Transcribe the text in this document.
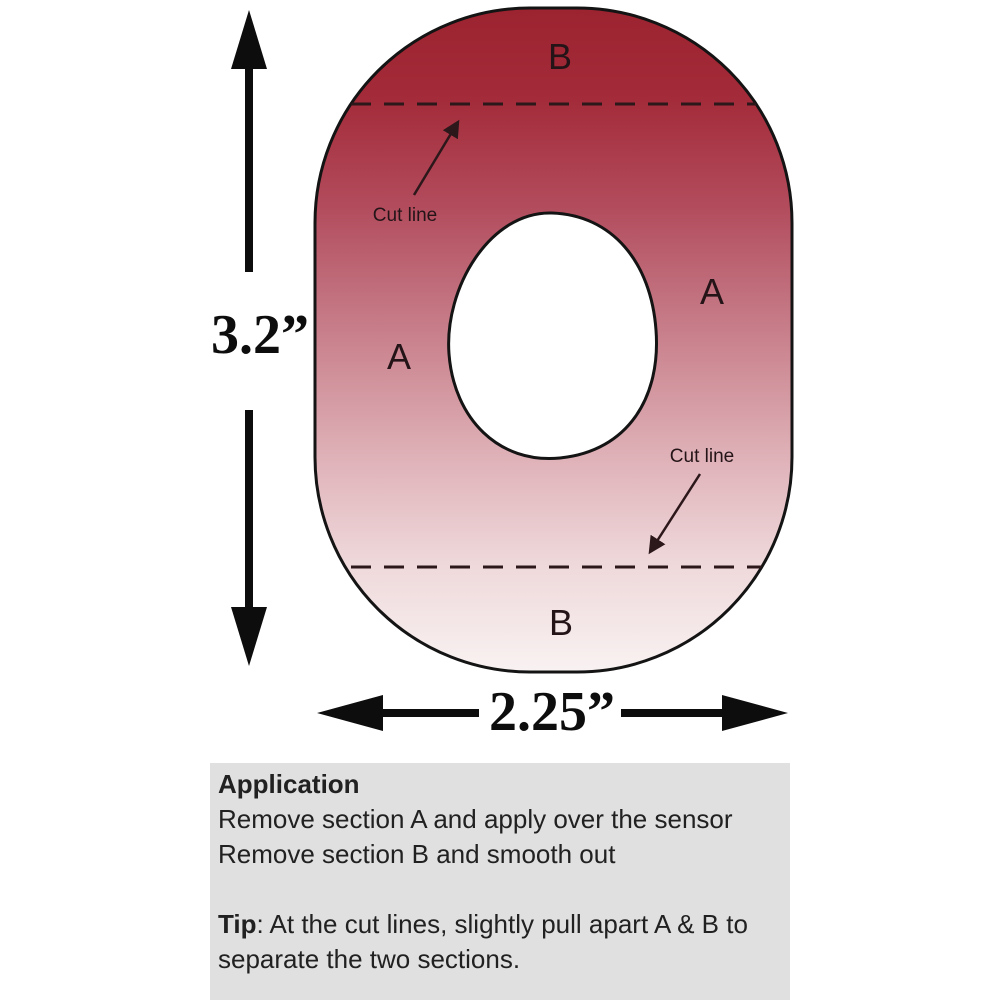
Cut line
Cut line
B
A
A
B
3.2”
2.25”

Application

Remove section A and apply over the sensor

Remove section B and smooth out

Tip: At the cut lines, slightly pull apart A & B to separate the two sections.
